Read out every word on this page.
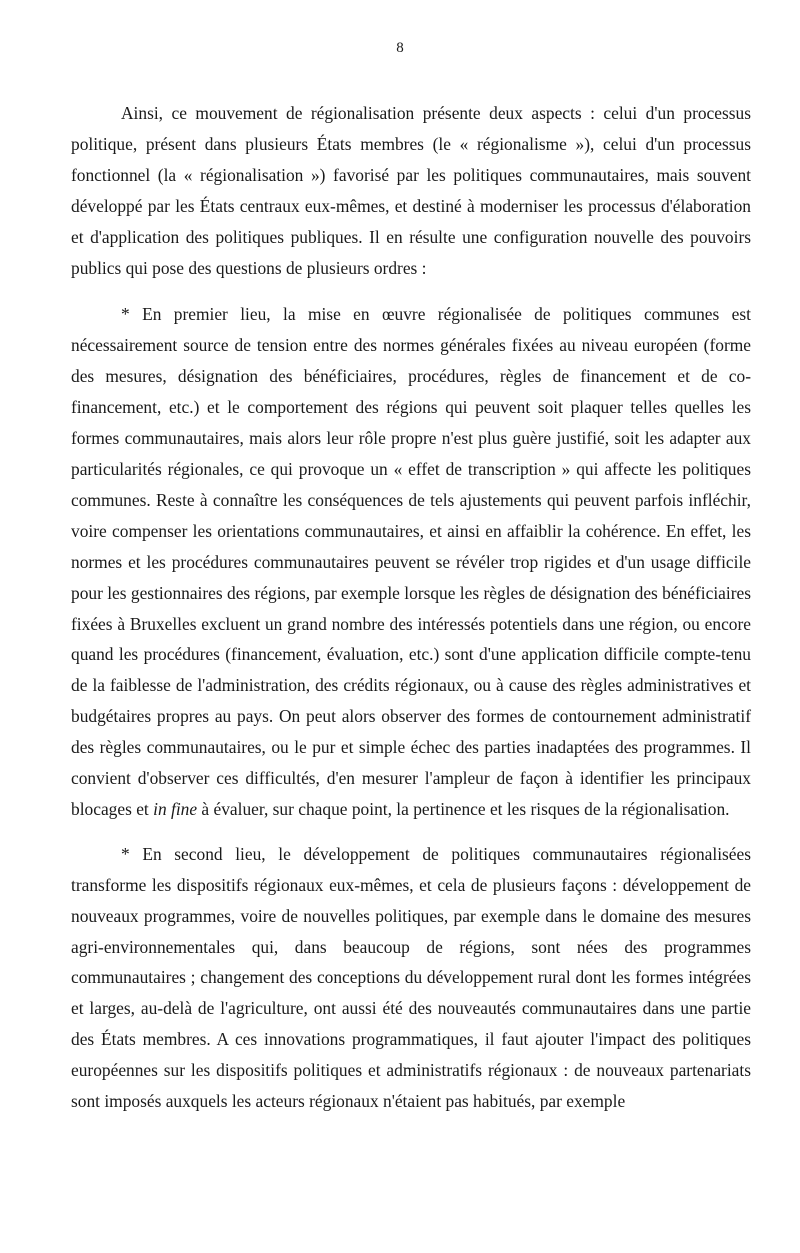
8

Ainsi, ce mouvement de régionalisation présente deux aspects : celui d'un processus politique, présent dans plusieurs États membres (le « régionalisme »), celui d'un processus fonctionnel (la « régionalisation ») favorisé par les politiques communautaires, mais souvent développé par les États centraux eux-mêmes, et destiné à moderniser les processus d'élaboration et d'application des politiques publiques. Il en résulte une configuration nouvelle des pouvoirs publics qui pose des questions de plusieurs ordres :

* En premier lieu, la mise en œuvre régionalisée de politiques communes est nécessairement source de tension entre des normes générales fixées au niveau européen (forme des mesures, désignation des bénéficiaires, procédures, règles de financement et de co-financement, etc.) et le comportement des régions qui peuvent soit plaquer telles quelles les formes communautaires, mais alors leur rôle propre n'est plus guère justifié, soit les adapter aux particularités régionales, ce qui provoque un « effet de transcription » qui affecte les politiques communes. Reste à connaître les conséquences de tels ajustements qui peuvent parfois infléchir, voire compenser les orientations communautaires, et ainsi en affaiblir la cohérence. En effet, les normes et les procédures communautaires peuvent se révéler trop rigides et d'un usage difficile pour les gestionnaires des régions, par exemple lorsque les règles de désignation des bénéficiaires fixées à Bruxelles excluent un grand nombre des intéressés potentiels dans une région, ou encore quand les procédures (financement, évaluation, etc.) sont d'une application difficile compte-tenu de la faiblesse de l'administration, des crédits régionaux, ou à cause des règles administratives et budgétaires propres au pays. On peut alors observer des formes de contournement administratif des règles communautaires, ou le pur et simple échec des parties inadaptées des programmes. Il convient d'observer ces difficultés, d'en mesurer l'ampleur de façon à identifier les principaux blocages et in fine à évaluer, sur chaque point, la pertinence et les risques de la régionalisation.

* En second lieu, le développement de politiques communautaires régionalisées transforme les dispositifs régionaux eux-mêmes, et cela de plusieurs façons : développement de nouveaux programmes, voire de nouvelles politiques, par exemple dans le domaine des mesures agri-environnementales qui, dans beaucoup de régions, sont nées des programmes communautaires ; changement des conceptions du développement rural dont les formes intégrées et larges, au-delà de l'agriculture, ont aussi été des nouveautés communautaires dans une partie des États membres. A ces innovations programmatiques, il faut ajouter l'impact des politiques européennes sur les dispositifs politiques et administratifs régionaux : de nouveaux partenariats sont imposés auxquels les acteurs régionaux n'étaient pas habitués, par exemple
